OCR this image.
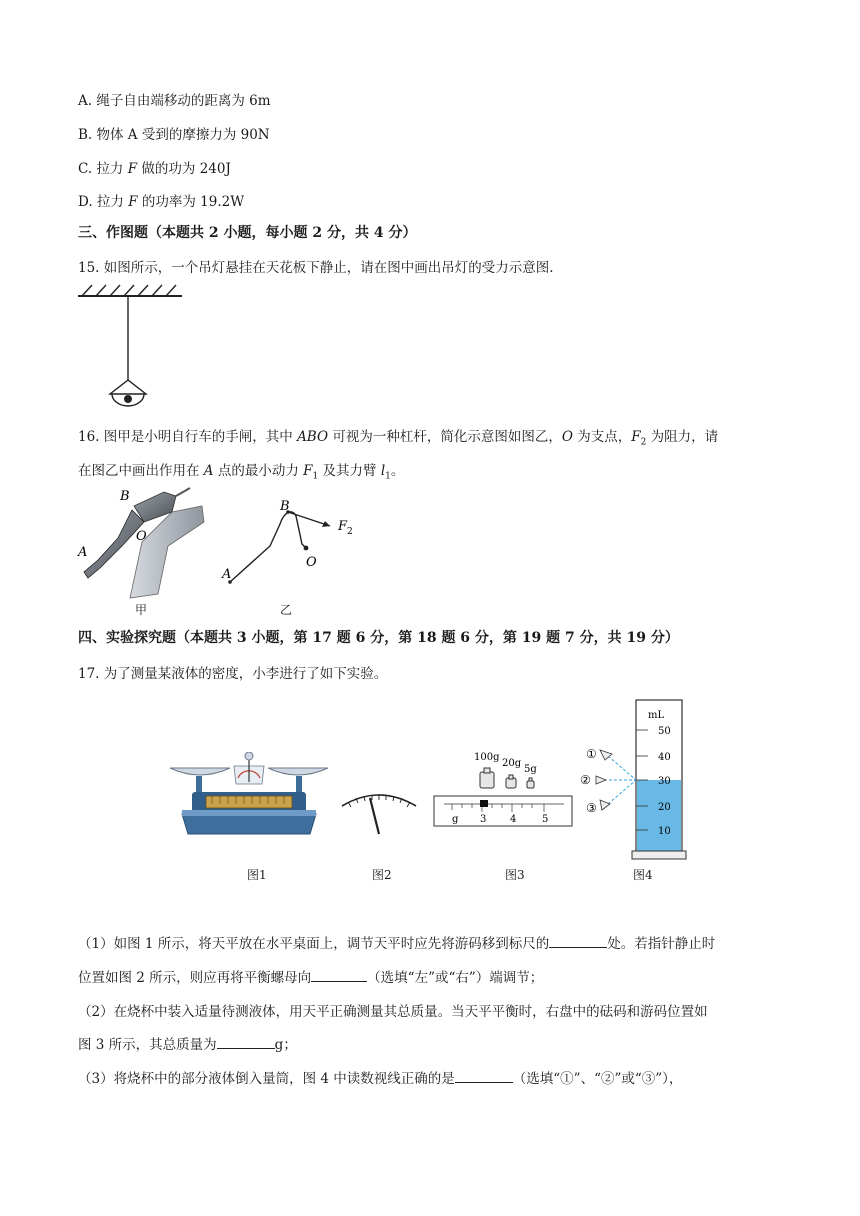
A. 绳子自由端移动的距离为 6m
B. 物体 A 受到的摩擦力为 90N
C. 拉力 F 做的功为 240J
D. 拉力 F 的功率为 19.2W
三、作图题（本题共 2 小题，每小题 2 分，共 4 分）
15. 如图所示，一个吊灯悬挂在天花板下静止，请在图中画出吊灯的受力示意图.
16. 图甲是小明自行车的手闸，其中 ABO 可视为一种杠杆，简化示意图如图乙，O 为支点，$F_2$ 为阻力，请
在图乙中画出作用在 A 点的最小动力 $F_1$ 及其力臂 $l_1$。
B
O
A
甲
B
F 2
O
A
乙
四、实验探究题（本题共 3 小题，第 17 题 6 分，第 18 题 6 分，第 19 题 7 分，共 19 分）
17. 为了测量某液体的密度，小李进行了如下实验。
图1	图2
100g
20g
5g
g 3 4	5
图3
mL
50
40
30
20
10
①
②
③
图4
（1）如图 1 所示，将天平放在水平桌面上，调节天平时应先将游码移到标尺的	处。若指针静止时
位置如图 2 所示，则应再将平衡螺母向	（选填“左”或“右”）端调节；
（2）在烧杯中装入适量待测液体，用天平正确测量其总质量。当天平平衡时，右盘中的砝码和游码位置如
图 3 所示，其总质量为	g；
（3）将烧杯中的部分液体倒入量筒，图 4 中读数视线正确的是	（选填“①”、“②”或“③”），
